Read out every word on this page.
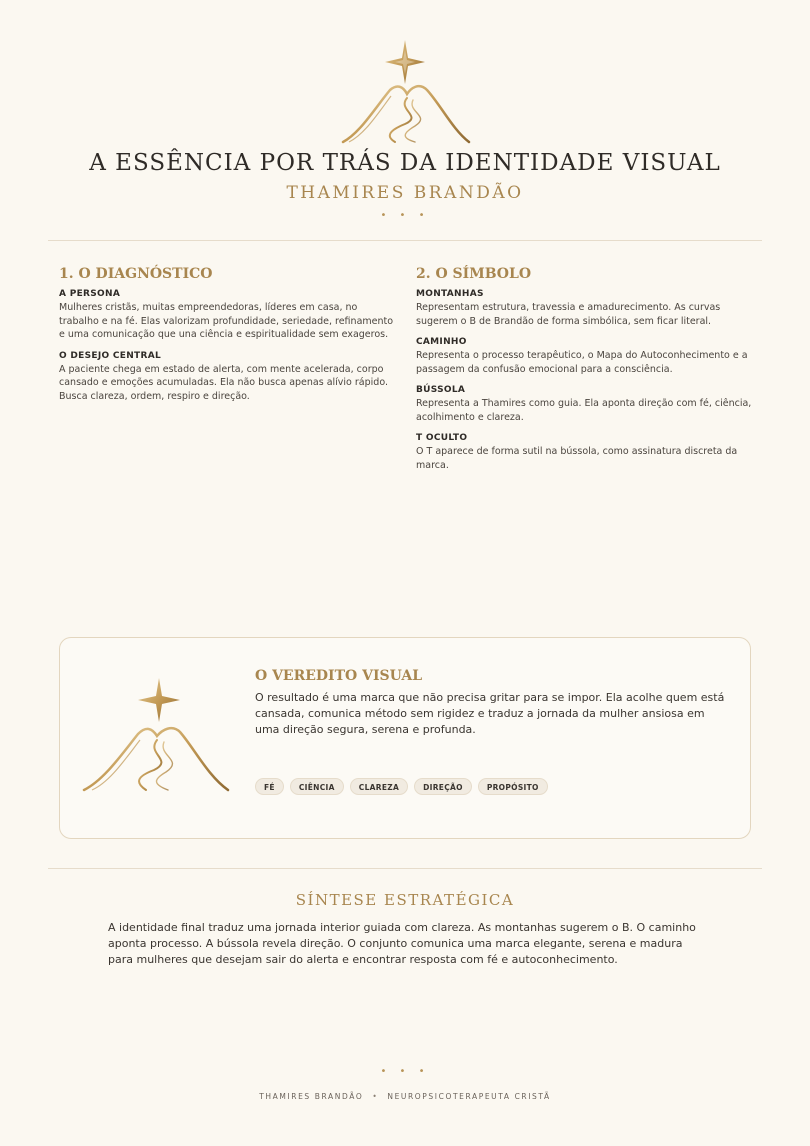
A ESSÊNCIA POR TRÁS DA IDENTIDADE VISUAL
THAMIRES BRANDÃO
• • •
1. O DIAGNÓSTICO
A PERSONA
Mulheres cristãs, muitas empreendedoras, líderes em casa, no trabalho e na fé. Elas valorizam profundidade, seriedade, refinamento e uma comunicação que una ciência e espiritualidade sem exageros.
O DESEJO CENTRAL
A paciente chega em estado de alerta, com mente acelerada, corpo cansado e emoções acumuladas. Ela não busca apenas alívio rápido. Busca clareza, ordem, respiro e direção.
2. O SÍMBOLO
MONTANHAS
Representam estrutura, travessia e amadurecimento. As curvas sugerem o B de Brandão de forma simbólica, sem ficar literal.
CAMINHO
Representa o processo terapêutico, o Mapa do Autoconhecimento e a passagem da confusão emocional para a consciência.
BÚSSOLA
Representa a Thamires como guia. Ela aponta direção com fé, ciência, acolhimento e clareza.
T OCULTO
O T aparece de forma sutil na bússola, como assinatura discreta da marca.
O VEREDITO VISUAL
O resultado é uma marca que não precisa gritar para se impor. Ela acolhe quem está cansada, comunica método sem rigidez e traduz a jornada da mulher ansiosa em uma direção segura, serena e profunda.
FÉ	CIÊNCIA	CLAREZA	DIREÇÃO	PROPÓSITO
SÍNTESE ESTRATÉGICA
A identidade final traduz uma jornada interior guiada com clareza. As montanhas sugerem o B. O caminho aponta processo. A bússola revela direção. O conjunto comunica uma marca elegante, serena e madura para mulheres que desejam sair do alerta e encontrar resposta com fé e autoconhecimento.
• • •
THAMIRES BRANDÃO • NEUROPSICOTERAPEUTA CRISTÃ
